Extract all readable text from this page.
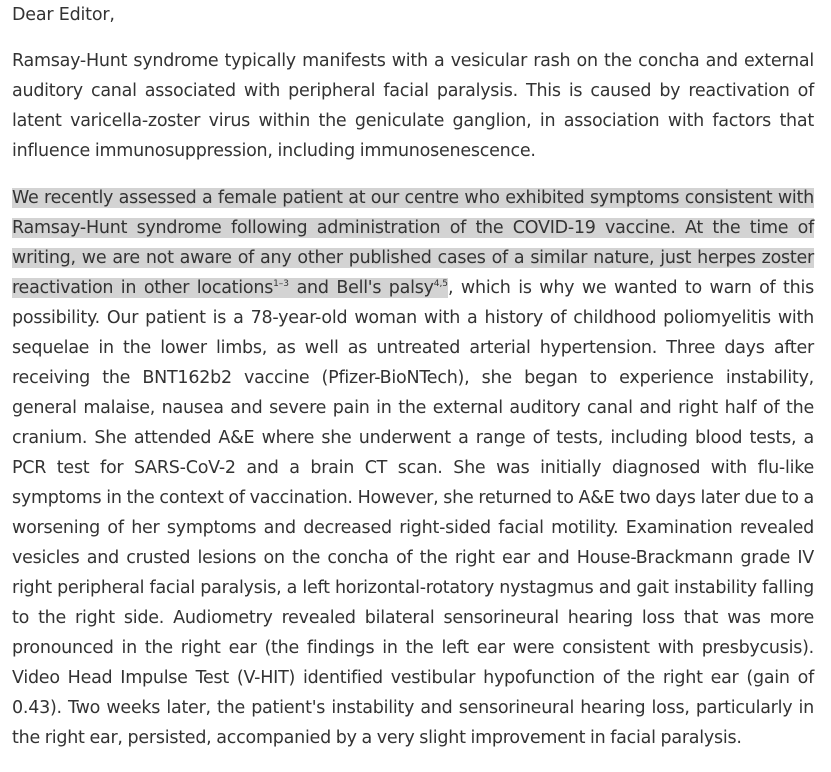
Dear Editor,

Ramsay-Hunt syndrome typically manifests with a vesicular rash on the concha and external auditory canal associated with peripheral facial paralysis. This is caused by reactivation of latent varicella-zoster virus within the geniculate ganglion, in association with factors that influence immunosuppression, including immunosenescence.

We recently assessed a female patient at our centre who exhibited symptoms consistent with Ramsay-Hunt syndrome following administration of the COVID-19 vaccine. At the time of writing, we are not aware of any other published cases of a similar nature, just herpes zoster reactivation in other locations$^{1-3}$ and Bell's palsy$^{4,5}$, which is why we wanted to warn of this possibility. Our patient is a 78-year-old woman with a history of childhood poliomyelitis with sequelae in the lower limbs, as well as untreated arterial hypertension. Three days after receiving the BNT162b2 vaccine (Pfizer-BioNTech), she began to experience instability, general malaise, nausea and severe pain in the external auditory canal and right half of the cranium. She attended A&E where she underwent a range of tests, including blood tests, a PCR test for SARS-CoV-2 and a brain CT scan. She was initially diagnosed with flu-like symptoms in the context of vaccination. However, she returned to A&E two days later due to a worsening of her symptoms and decreased right-sided facial motility. Examination revealed vesicles and crusted lesions on the concha of the right ear and House-Brackmann grade IV right peripheral facial paralysis, a left horizontal-rotatory nystagmus and gait instability falling to the right side. Audiometry revealed bilateral sensorineural hearing loss that was more pronounced in the right ear (the findings in the left ear were consistent with presbycusis). Video Head Impulse Test (V-HIT) identified vestibular hypofunction of the right ear (gain of 0.43). Two weeks later, the patient's instability and sensorineural hearing loss, particularly in the right ear, persisted, accompanied by a very slight improvement in facial paralysis.
